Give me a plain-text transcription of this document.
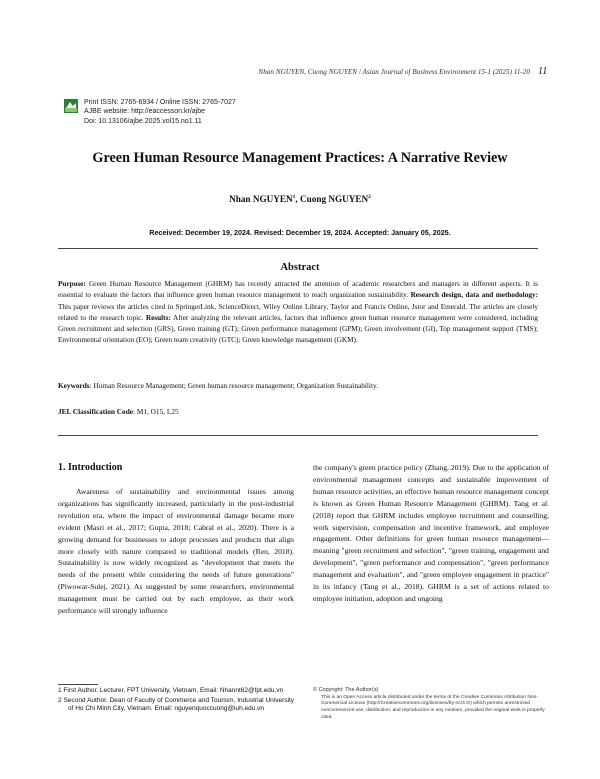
Nhan NGUYEN, Cuong NGUYEN / Asian Journal of Business Environment 15-1 (2025) 11-20 11
Print ISSN: 2765-6934 / Online ISSN: 2765-7027
AJBE website: http://eaccesson.kr/ajbe
Doi: 10.13106/ajbe.2025.vol15.no1.11
Green Human Resource Management Practices: A Narrative Review
Nhan NGUYEN$^1$, Cuong NGUYEN$^2$
Received: December 19, 2024. Revised: December 19, 2024. Accepted: January 05, 2025.
Abstract
Purpose: Green Human Resource Management (GHRM) has recently attracted the attention of academic researchers and managers in different aspects. It is essential to evaluate the factors that influence green human resource management to reach organization sustainability. Research design, data and methodology: This paper reviews the articles cited in SpringerLink, ScienceDirect, Wiley Online Library, Taylor and Francis Online, Jstor and Emerald. The articles are closely related to the research topic. Results: After analyzing the relevant articles, factors that influence green human resource management were considered, including Green recruitment and selection (GRS), Green training (GT); Green performance management (GPM); Green involvement (GI), Top management support (TMS); Environmental orientation (EO); Green team creativity (GTC); Green knowledge management (GKM).
Keywords: Human Resource Management; Green human resource management; Organization Sustainability.
JEL Classification Code: M1, O15, L25
1. Introduction

Awareness of sustainability and environmental issues among organizations has significantly increased, particularly in the post-industrial revolution era, where the impact of environmental damage became more evident (Masri et al., 2017; Gupta, 2018; Cabral et al., 2020). There is a growing demand for businesses to adopt processes and products that align more closely with nature compared to traditional models (Ren, 2018). Sustainability is now widely recognized as "development that meets the needs of the present while considering the needs of future generations" (Piwowar-Sulej, 2021). As suggested by some researchers, environmental management must be carried out by each employee, as their work performance will strongly influence

the company's green practice policy (Zhang, 2019). Due to the application of environmental management concepts and sustainable improvement of human resource activities, an effective human resource management concept is known as Green Human Resource Management (GHRM). Tang et al. (2018) report that GHRM includes employee recruitment and counselling, work supervision, compensation and incentive framework, and employee engagement. Other definitions for green human resource management— meaning "green recruitment and selection", "green training, engagement and development", "green performance and compensation", "green performance management and evaluation", and "green employee engagement in practice" in its infancy (Tang et al., 2018). GHRM is a set of actions related to employee initiation, adoption and ongoing

1 First Author. Lecturer, FPT University, Vietnam, Email: Nhannt62@fpt.edu.vn

2 Second Author. Dean of Faculty of Commerce and Tourism, Industrial University of Ho Chi Minh City, Vietnam. Email: nguyenquoccuong@iuh.edu.vn

© Copyright: The Author(s)
This is an Open Access article distributed under the terms of the Creative Commons Attribution Non-Commercial License (http://Creativecommons.org/licenses/by-nc/4.0/) which permits unrestricted noncommercial use, distribution, and reproduction in any medium, provided the original work is properly cited.
